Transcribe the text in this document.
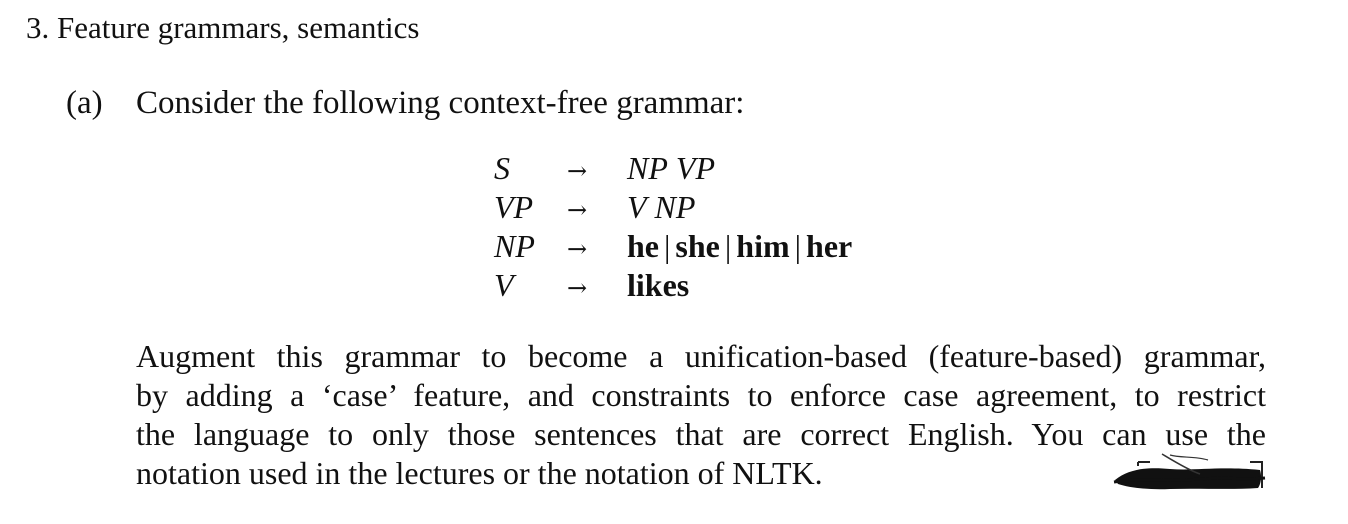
3. Feature grammars, semantics
(a) Consider the following context-free grammar:
S → NP VP
VP → V NP
NP → he | she | him | her
V → likes
Augment this grammar to become a unification-based (feature-based) grammar,
by adding a ‘case’ feature, and constraints to enforce case agreement, to restrict
the language to only those sentences that are correct English. You can use the
notation used in the lectures or the notation of NLTK.
